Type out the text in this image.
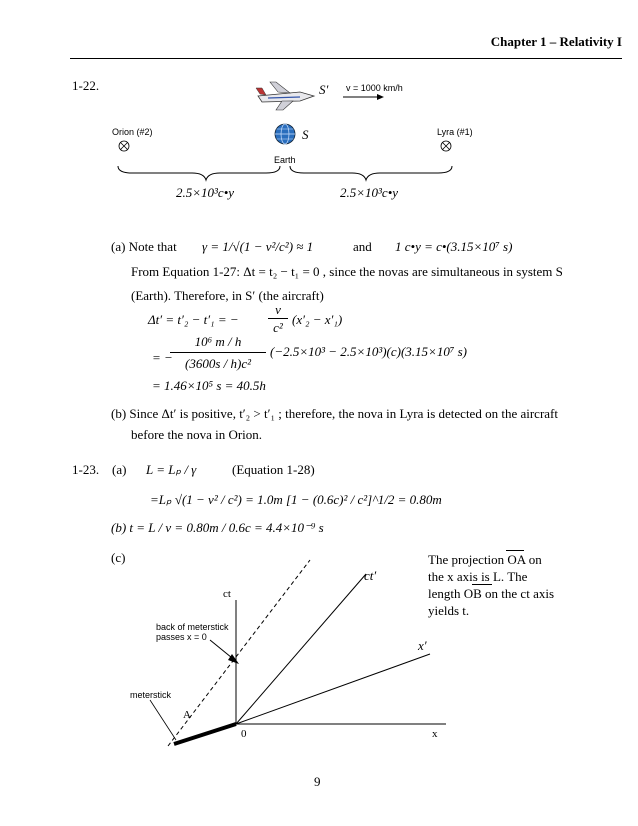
Chapter 1 – Relativity I
1-22.	S′ v = 1000 km/h
Orion (#2)	S
Earth
Lyra (#1)
2.5×10³c•y	2.5×10³c•y
(a) Note that γ = 1/√(1 − v²/c²) ≈ 1	and 1 c•y = c•(3.15×10⁷ s)
From Equation 1-27: Δt = t₂ − t₁ = 0 , since the novas are simultaneous in system S
(Earth). Therefore, in S′ (the aircraft)
Δt′ = t′₂ − t′₁ = −
v
c²
(x′₂ − x′₁)
= −
10⁶ m / h
(3600s / h)c²
(−2.5×10³ − 2.5×10³)(c)(3.15×10⁷ s)
= 1.46×10⁵ s = 40.5h
(b) Since Δt′ is positive, t′₂ > t′₁ ; therefore, the nova in Lyra is detected on the aircraft
before the nova in Orion.
1-23. (a) L = Lₚ / γ	(Equation 1-28)
=Lₚ √(1 − v² / c²) = 1.0m [1 − (0.6c)² / c²]^1/2 = 0.80m
(b) t = L / v = 0.80m / 0.6c = 4.4×10⁻⁹ s
(c)	The projection OA on
the x axis is L. The
length OB on the ct axis
yields t.
ct
ct′
x
x′
0
A
back of meterstick
passes x = 0
meterstick
9
